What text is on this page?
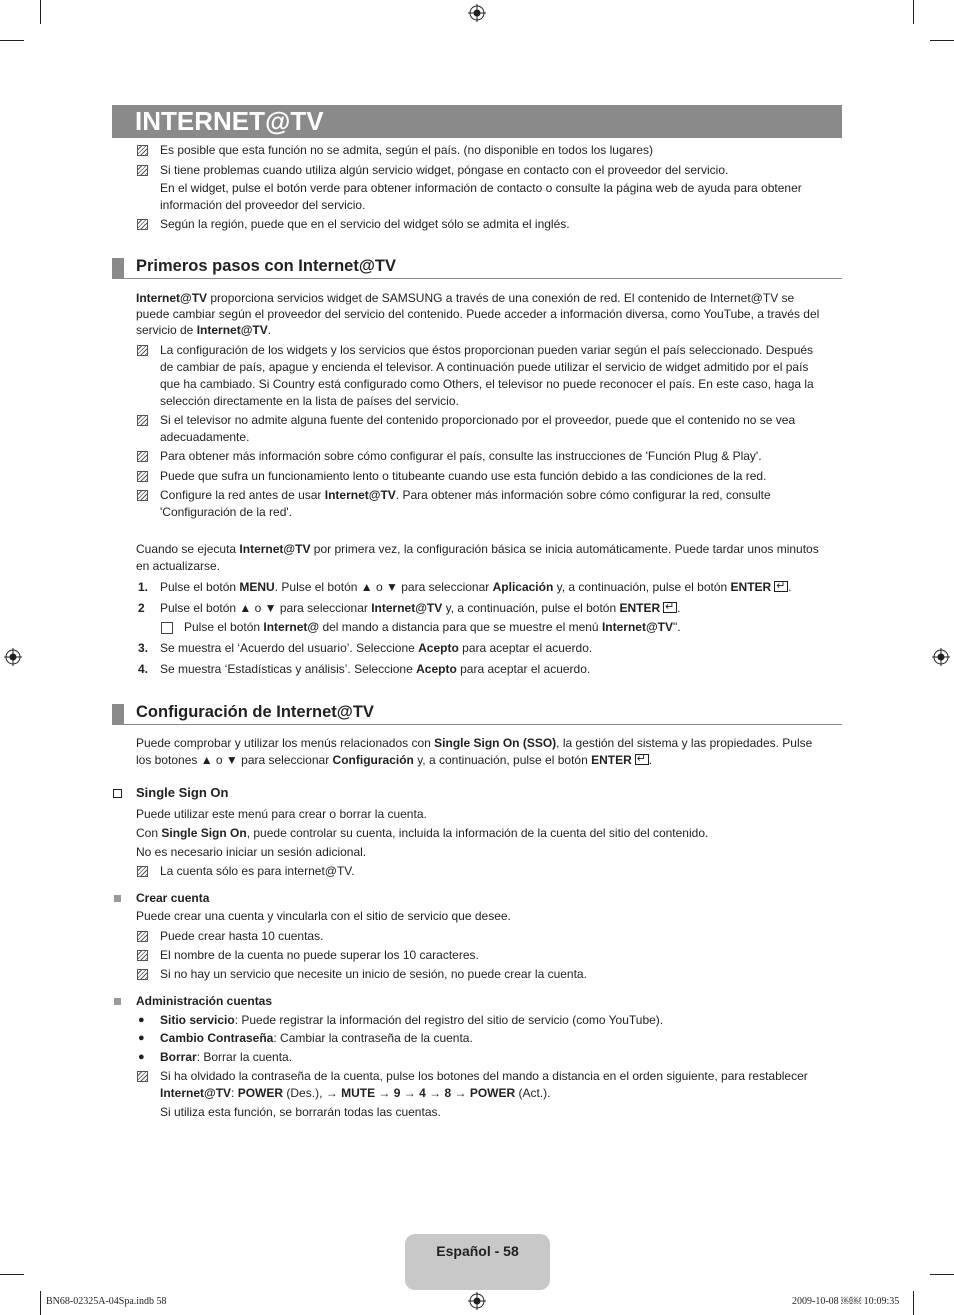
INTERNET@TV
Es posible que esta función no se admita, según el país. (no disponible en todos los lugares)
Si tiene problemas cuando utiliza algún servicio widget, póngase en contacto con el proveedor del servicio.
En el widget, pulse el botón verde para obtener información de contacto o consulte la página web de ayuda para obtener
información del proveedor del servicio.
Según la región, puede que en el servicio del widget sólo se admita el inglés.
Primeros pasos con Internet@TV
Internet@TV proporciona servicios widget de SAMSUNG a través de una conexión de red. El contenido de Internet@TV se
puede cambiar según el proveedor del servicio del contenido. Puede acceder a información diversa, como YouTube, a través del
servicio de Internet@TV.
La configuración de los widgets y los servicios que éstos proporcionan pueden variar según el país seleccionado. Después
de cambiar de país, apague y encienda el televisor. A continuación puede utilizar el servicio de widget admitido por el país
que ha cambiado. Si Country está configurado como Others, el televisor no puede reconocer el país. En este caso, haga la
selección directamente en la lista de países del servicio.
Si el televisor no admite alguna fuente del contenido proporcionado por el proveedor, puede que el contenido no se vea
adecuadamente.
Para obtener más información sobre cómo configurar el país, consulte las instrucciones de 'Función Plug & Play'.
Puede que sufra un funcionamiento lento o titubeante cuando use esta función debido a las condiciones de la red.
Configure la red antes de usar Internet@TV. Para obtener más información sobre cómo configurar la red, consulte
'Configuración de la red'.
Cuando se ejecuta Internet@TV por primera vez, la configuración básica se inicia automáticamente. Puede tardar unos minutos
en actualizarse.
1. Pulse el botón MENU. Pulse el botón ▲ o ▼ para seleccionar Aplicación y, a continuación, pulse el botón ENTER ↵ .
2 Pulse el botón ▲ o ▼ para seleccionar Internet@TV y, a continuación, pulse el botón ENTER ↵ .
Pulse el botón Internet@ del mando a distancia para que se muestre el menú Internet@TV".
3. Se muestra el ‘Acuerdo del usuario’. Seleccione Acepto para aceptar el acuerdo.
4. Se muestra ‘Estadísticas y análisis’. Seleccione Acepto para aceptar el acuerdo.
Configuración de Internet@TV
Puede comprobar y utilizar los menús relacionados con Single Sign On (SSO), la gestión del sistema y las propiedades. Pulse
los botones ▲ o ▼ para seleccionar Configuración y, a continuación, pulse el botón ENTER ↵ .
Single Sign On
Puede utilizar este menú para crear o borrar la cuenta.
Con Single Sign On, puede controlar su cuenta, incluida la información de la cuenta del sitio del contenido.
No es necesario iniciar un sesión adicional.
La cuenta sólo es para internet@TV.
Crear cuenta
Puede crear una cuenta y vincularla con el sitio de servicio que desee.
Puede crear hasta 10 cuentas.
El nombre de la cuenta no puede superar los 10 caracteres.
Si no hay un servicio que necesite un inicio de sesión, no puede crear la cuenta.
Administración cuentas
● Sitio servicio: Puede registrar la información del registro del sitio de servicio (como YouTube).
● Cambio Contraseña: Cambiar la contraseña de la cuenta.
● Borrar: Borrar la cuenta.
Si ha olvidado la contraseña de la cuenta, pulse los botones del mando a distancia en el orden siguiente, para restablecer
Internet@TV: POWER (Des.), → MUTE → 9 → 4 → 8 → POWER (Act.).
Si utiliza esta función, se borrarán todas las cuentas.
Español - 58
BN68-02325A-04Spa.indb 58	2009-10-08 ￼￼ 10:09:35
